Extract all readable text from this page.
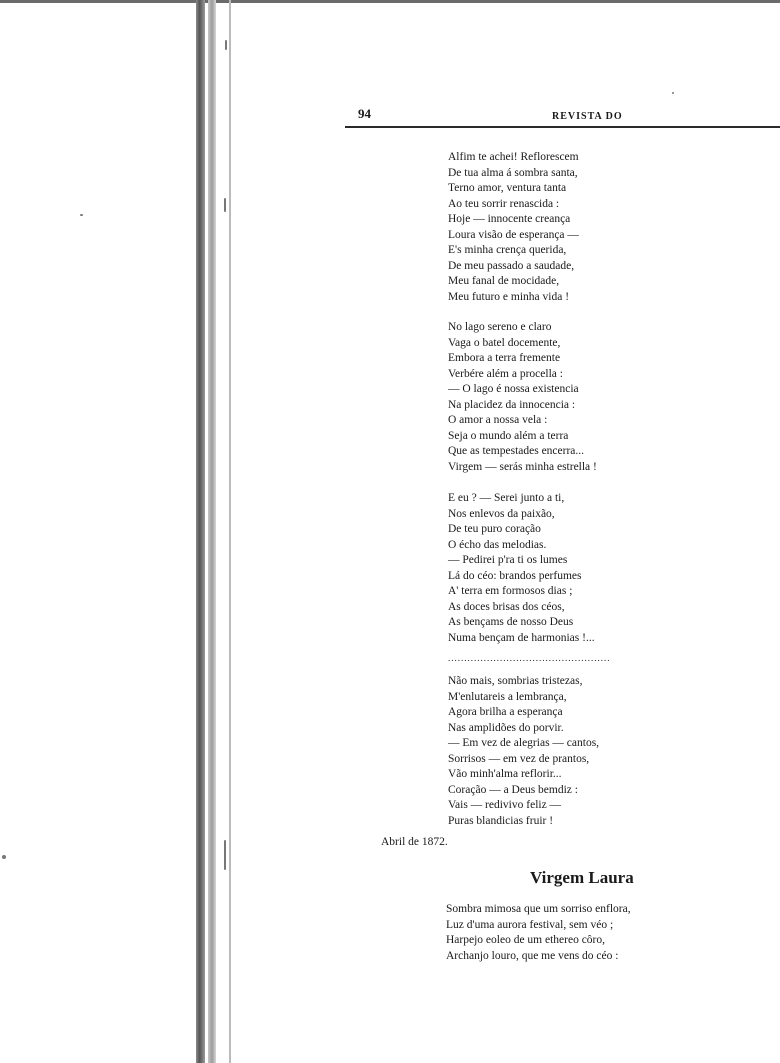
94	REVISTA DO
Alfim te achei! Reflorescem
De tua alma á sombra santa,
Terno amor, ventura tanta
Ao teu sorrir renascida :
Hoje — innocente creança
Loura visão de esperança —
E's minha crença querida,
De meu passado a saudade,
Meu fanal de mocidade,
Meu futuro e minha vida !
No lago sereno e claro
Vaga o batel docemente,
Embora a terra fremente
Verbére além a procella :
— O lago é nossa existencia
Na placidez da innocencia :
O amor a nossa vela :
Seja o mundo além a terra
Que as tempestades encerra...
Virgem — serás minha estrella !
E eu ? — Serei junto a ti,
Nos enlevos da paixão,
De teu puro coração
O écho das melodias.
— Pedirei p'ra ti os lumes
Lá do céo: brandos perfumes
A' terra em formosos dias ;
As doces brisas dos céos,
As bençams de nosso Deus
Numa bençam de harmonias !...
..................................................
Não mais, sombrias tristezas,
M'enlutareis a lembrança,
Agora brilha a esperança
Nas amplidões do porvir.
— Em vez de alegrias — cantos,
Sorrisos — em vez de prantos,
Vão minh'alma reflorir...
Coração — a Deus bemdiz :
Vais — redivivo feliz —
Puras blandicias fruir !
Abril de 1872.
Virgem Laura
Sombra mimosa que um sorriso enflora,
Luz d'uma aurora festival, sem véo ;
Harpejo eoleo de um ethereo côro,
Archanjo louro, que me vens do céo :
